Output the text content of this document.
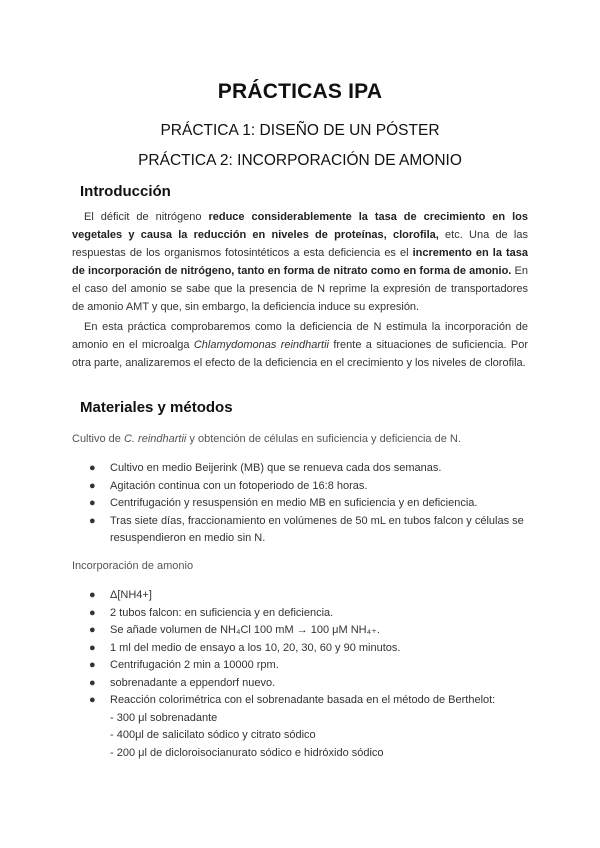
PRÁCTICAS IPA
PRÁCTICA 1: DISEÑO DE UN PÓSTER
PRÁCTICA 2: INCORPORACIÓN DE AMONIO
Introducción

El déficit de nitrógeno reduce considerablemente la tasa de crecimiento en los vegetales y causa la reducción en niveles de proteínas, clorofila, etc. Una de las respuestas de los organismos fotosintéticos a esta deficiencia es el incremento en la tasa de incorporación de nitrógeno, tanto en forma de nitrato como en forma de amonio. En el caso del amonio se sabe que la presencia de N reprime la expresión de transportadores de amonio AMT y que, sin embargo, la deficiencia induce su expresión.

En esta práctica comprobaremos como la deficiencia de N estimula la incorporación de amonio en el microalga Chlamydomonas reindhartii frente a situaciones de suficiencia. Por otra parte, analizaremos el efecto de la deficiencia en el crecimiento y los niveles de clorofila.

Materiales y métodos
Cultivo de C. reindhartii y obtención de células en suficiencia y deficiencia de N.
● Cultivo en medio Beijerink (MB) que se renueva cada dos semanas.
● Agitación continua con un fotoperiodo de 16:8 horas.
● Centrifugación y resuspensión en medio MB en suficiencia y en deficiencia.
● Tras siete días, fraccionamiento en volúmenes de 50 mL en tubos falcon y células se resuspendieron en medio sin N.
Incorporación de amonio
● Δ[NH4+]
● 2 tubos falcon: en suficiencia y en deficiencia.
● Se añade volumen de NH₄Cl 100 mM → 100 μM NH₄₊.
● 1 ml del medio de ensayo a los 10, 20, 30, 60 y 90 minutos.
● Centrifugación 2 min a 10000 rpm.
● sobrenadante a eppendorf nuevo.
● Reacción colorimétrica con el sobrenadante basada en el método de Berthelot:
- 300 μl sobrenadante
- 400μl de salicilato sódico y citrato sódico
- 200 μl de dicloroisocianurato sódico e hidróxido sódico
